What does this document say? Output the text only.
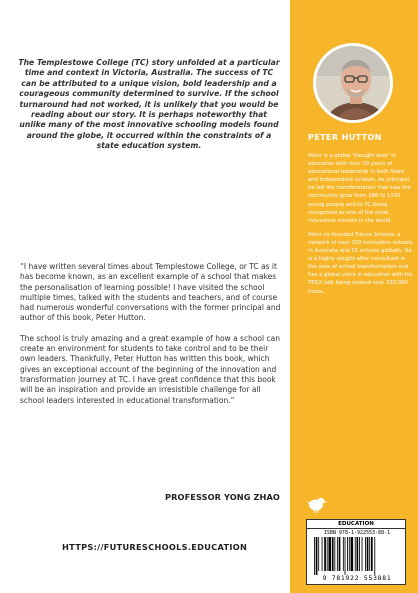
The Templestowe College (TC) story unfolded at a particular time and context in Victoria, Australia. The success of TC can be attributed to a unique vision, bold leadership and a courageous community determined to survive. If the school turnaround had not worked, it is unlikely that you would be reading about our story. It is perhaps noteworthy that unlike many of the most innovative schooling models found around the globe, it occurred within the constraints of a state education system.

“I have written several times about Templestowe College, or TC as it has become known, as an excellent example of a school that makes the personalisation of learning possible! I have visited the school multiple times, talked with the students and teachers, and of course had numerous wonderful conversations with the former principal and author of this book, Peter Hutton.

The school is truly amazing and a great example of how a school can create an environment for students to take control and to be their own leaders. Thankfully, Peter Hutton has written this book, which gives an exceptional account of the beginning of the innovation and transformation journey at TC. I have great confidence that this book will be an inspiration and provide an irresistible challenge for all school leaders interested in educational transformation.”

PROFESSOR YONG ZHAO
HTTPS://FUTURESCHOOLS.EDUCATION
PETER HUTTON

Peter is a global 'thought doer' in education with over 30 years of educational leadership in both State and Independent schools. As principal he led the transformation that saw the community grow from 286 to 1150 young people and to TC being recognised as one of the most innovative schools in the world.

Peter co-founded Future Schools, a network of over 100 innovative schools in Australia and 15 schools globally. He is a highly sought-after consultant in the area of school transformation and has a global voice in education with his TEDX talk being viewed over 330,000 times.

EDUCATION
ISBN 978-1-922553-88-1
9 781922 553881
